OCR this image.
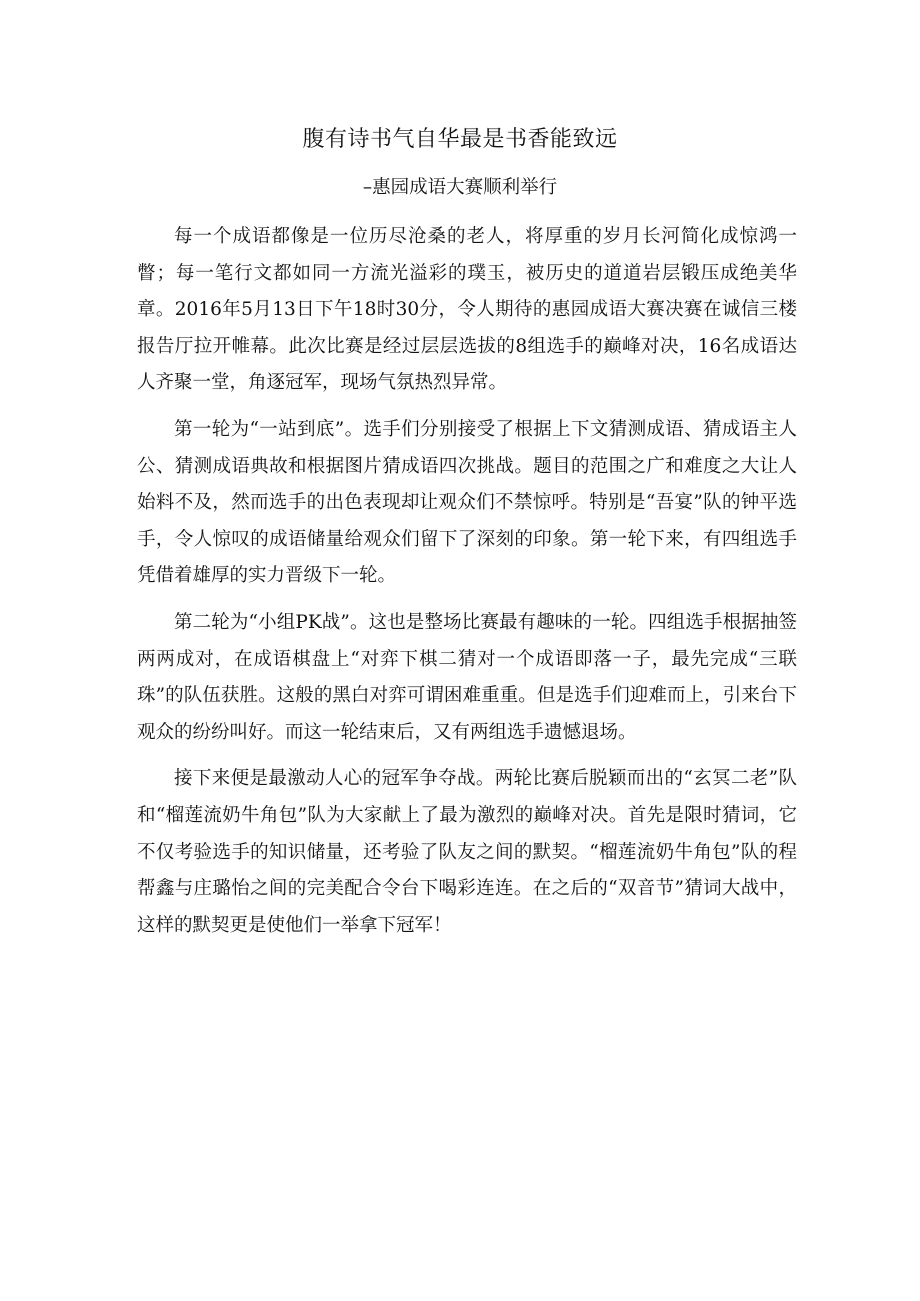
腹有诗书气自华最是书香能致远
–惠园成语大赛顺利举行

每一个成语都像是一位历尽沧桑的老人，将厚重的岁月长河简化成惊鸿一瞥；每一笔行文都如同一方流光溢彩的璞玉，被历史的道道岩层锻压成绝美华章。2016年5月13日下午18时30分，令人期待的惠园成语大赛决赛在诚信三楼报告厅拉开帷幕。此次比赛是经过层层选拔的8组选手的巅峰对决，16名成语达人齐聚一堂，角逐冠军，现场气氛热烈异常。

第一轮为“一站到底”。选手们分别接受了根据上下文猜测成语、猜成语主人公、猜测成语典故和根据图片猜成语四次挑战。题目的范围之广和难度之大让人始料不及，然而选手的出色表现却让观众们不禁惊呼。特别是“吾宴”队的钟平选手，令人惊叹的成语储量给观众们留下了深刻的印象。第一轮下来，有四组选手凭借着雄厚的实力晋级下一轮。

第二轮为“小组PK战”。这也是整场比赛最有趣味的一轮。四组选手根据抽签两两成对，在成语棋盘上“对弈下棋二猜对一个成语即落一子，最先完成“三联珠”的队伍获胜。这般的黑白对弈可谓困难重重。但是选手们迎难而上，引来台下观众的纷纷叫好。而这一轮结束后，又有两组选手遗憾退场。

接下来便是最激动人心的冠军争夺战。两轮比赛后脱颖而出的“玄冥二老”队和“榴莲流奶牛角包”队为大家献上了最为激烈的巅峰对决。首先是限时猜词，它不仅考验选手的知识储量，还考验了队友之间的默契。“榴莲流奶牛角包”队的程帮鑫与庄璐怡之间的完美配合令台下喝彩连连。在之后的“双音节”猜词大战中，这样的默契更是使他们一举拿下冠军！
